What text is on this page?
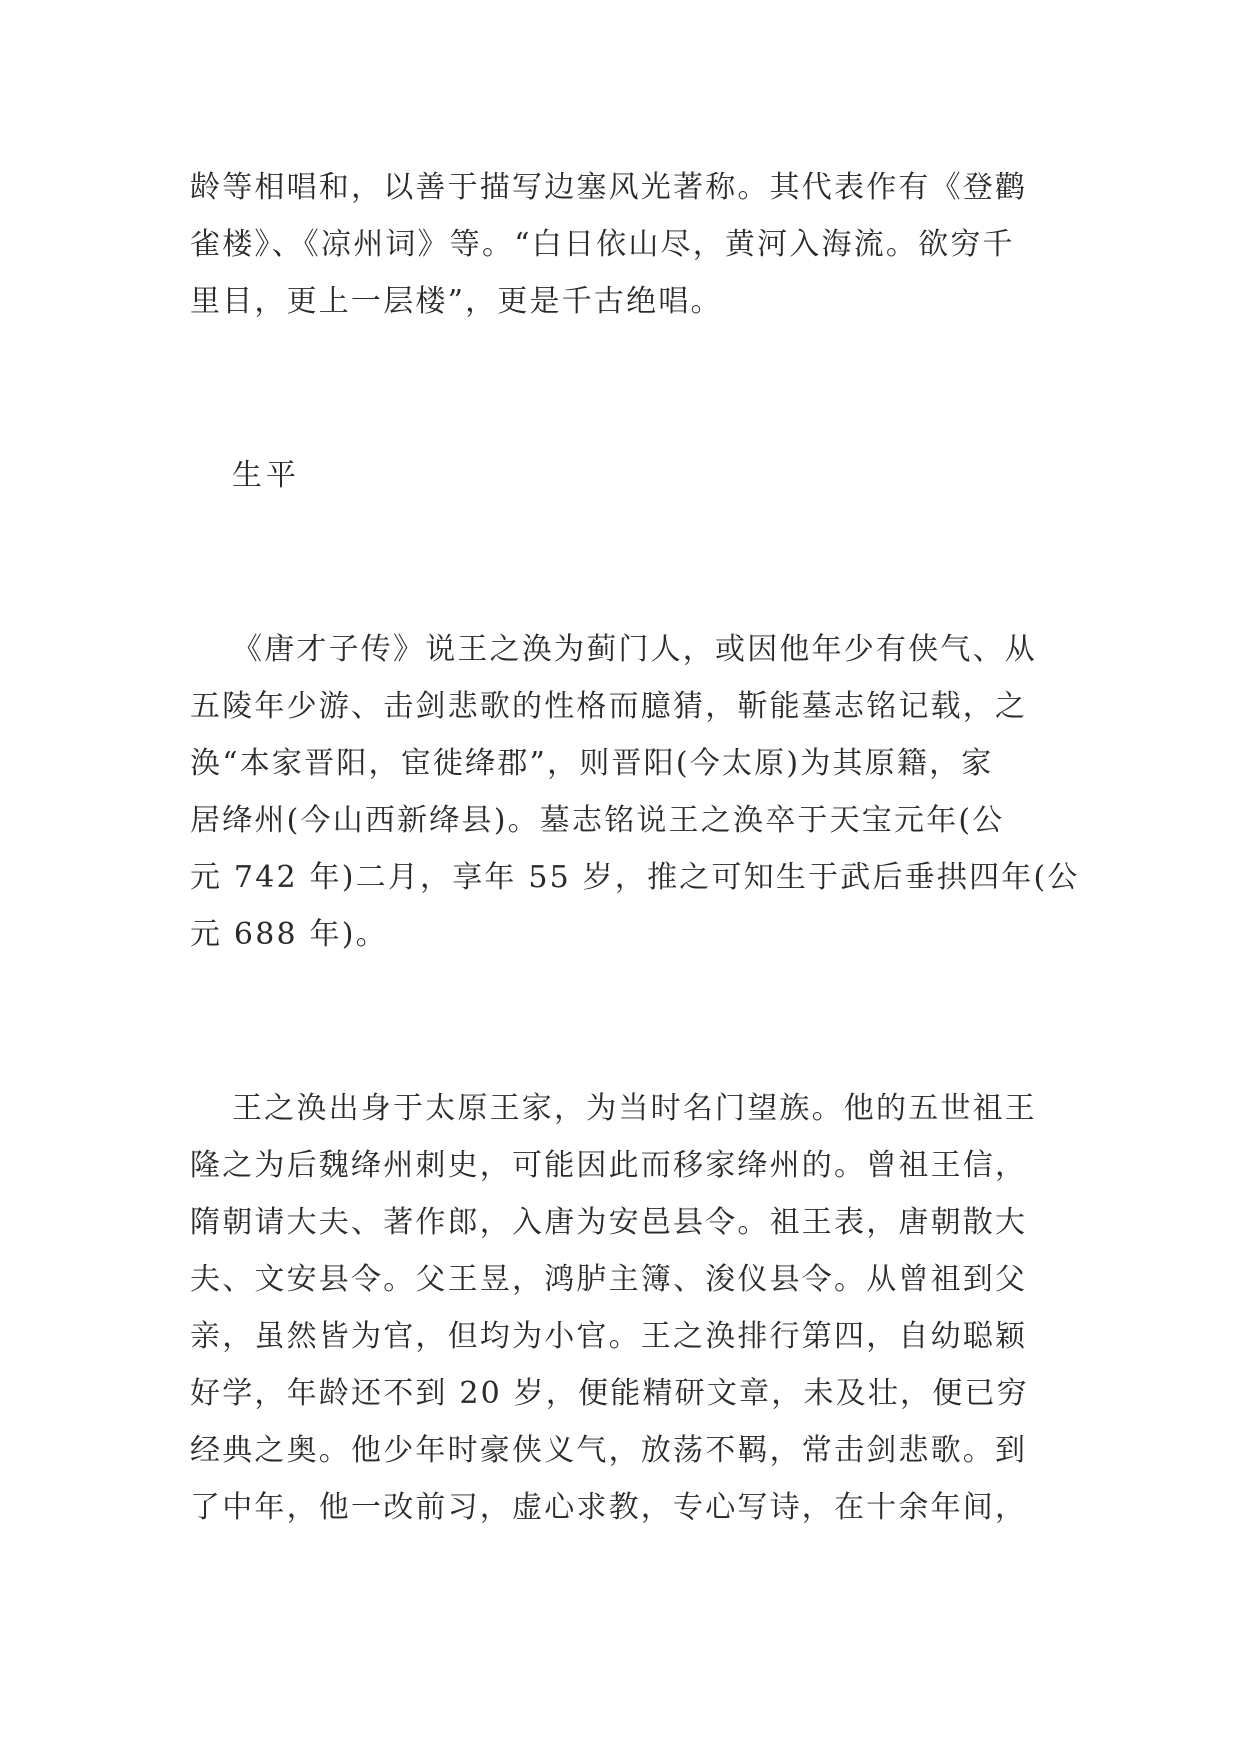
龄等相唱和，以善于描写边塞风光著称。其代表作有《登鹳
雀楼》、《凉州词》等。“白日依山尽，黄河入海流。欲穷千
里目，更上一层楼”，更是千古绝唱。
生平
《唐才子传》说王之涣为蓟门人，或因他年少有侠气、从
五陵年少游、击剑悲歌的性格而臆猜，靳能墓志铭记载，之
涣“本家晋阳，宦徙绛郡”，则晋阳(今太原)为其原籍，家
居绛州(今山西新绛县)。墓志铭说王之涣卒于天宝元年(公
元 742 年)二月，享年 55 岁，推之可知生于武后垂拱四年(公
元 688 年)。
王之涣出身于太原王家，为当时名门望族。他的五世祖王
隆之为后魏绛州刺史，可能因此而移家绛州的。曾祖王信，
隋朝请大夫、著作郎，入唐为安邑县令。祖王表，唐朝散大
夫、文安县令。父王昱，鸿胪主簿、浚仪县令。从曾祖到父
亲，虽然皆为官，但均为小官。王之涣排行第四，自幼聪颖
好学，年龄还不到 20 岁，便能精研文章，未及壮，便已穷
经典之奥。他少年时豪侠义气，放荡不羁，常击剑悲歌。到
了中年，他一改前习，虚心求教，专心写诗，在十余年间，
